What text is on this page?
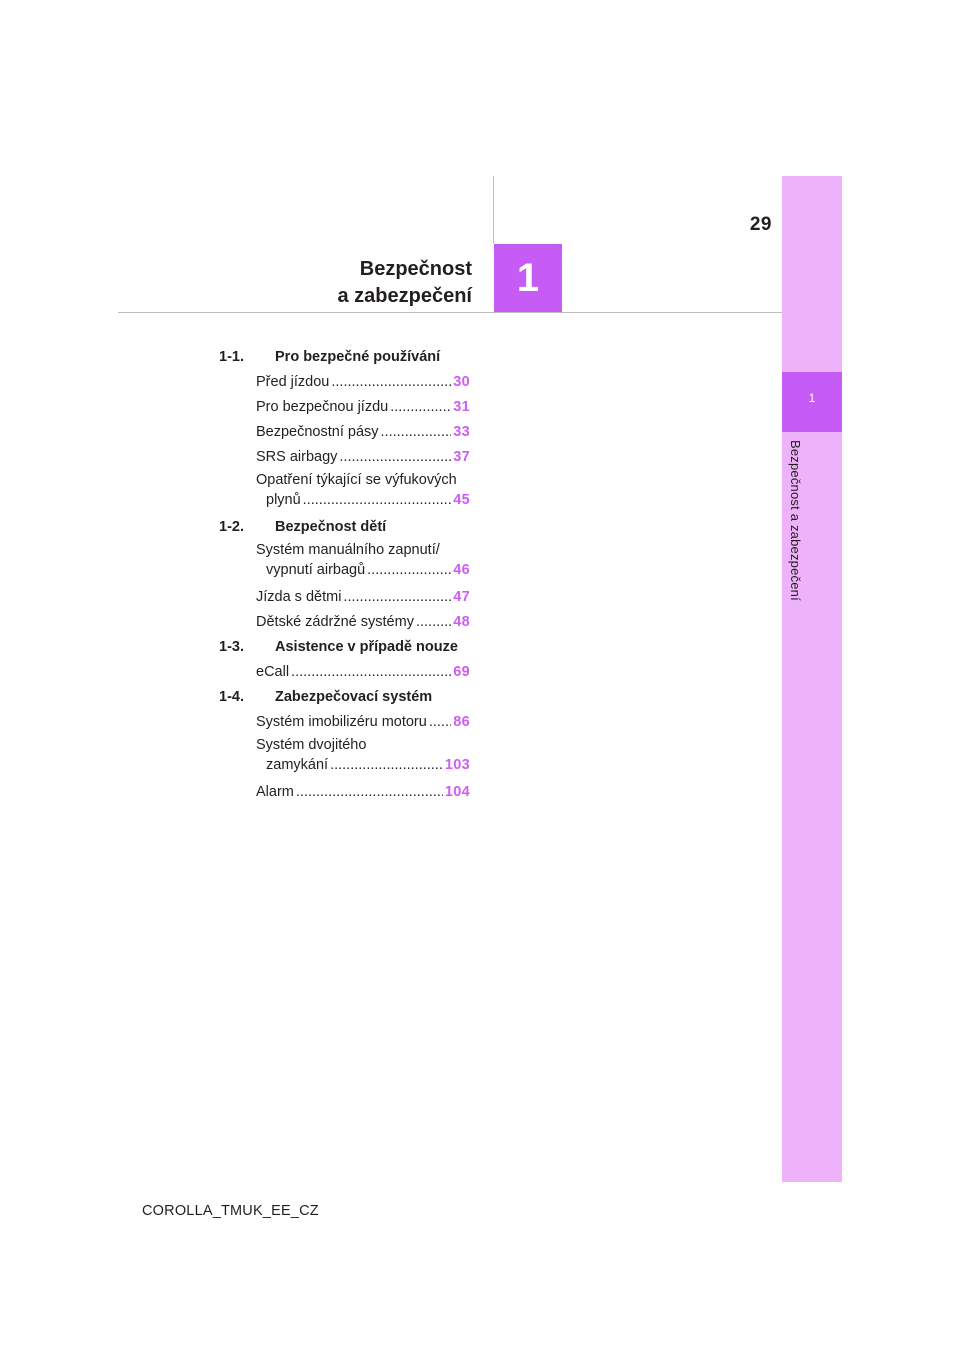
29
Bezpečnost
a zabezpečení	1
1
Bezpečnost a zabezpečení
1-1.	Pro bezpečné používání
Před jízdou .....	30
Pro bezpečnou jízdu .....	31
Bezpečnostní pásy .....	33
SRS airbagy .....	37
Opatření týkající se výfukových
plynů .....	45
1-2.	Bezpečnost dětí
Systém manuálního zapnutí/
vypnutí airbagů .....	46
Jízda s dětmi .....	47
Dětské zádržné systémy .....	48
1-3.	Asistence v případě nouze
eCall .....	69
1-4.	Zabezpečovací systém
Systém imobilizéru motoru ..... 86
Systém dvojitého
zamykání .....	103
Alarm .....	104
COROLLA_TMUK_EE_CZ
